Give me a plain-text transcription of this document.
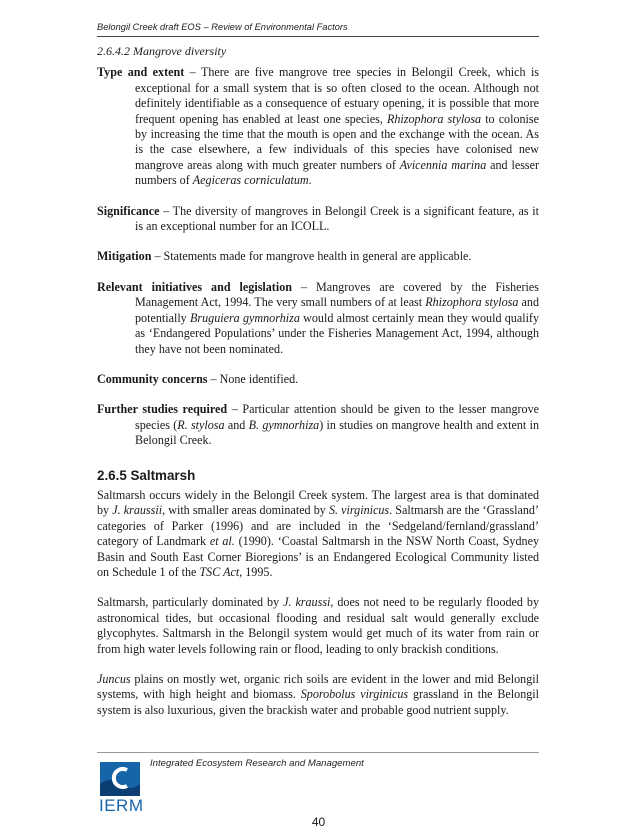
Belongil Creek draft EOS – Review of Environmental Factors
2.6.4.2 Mangrove diversity

Type and extent – There are five mangrove tree species in Belongil Creek, which is exceptional for a small system that is so often closed to the ocean. Although not definitely identifiable as a consequence of estuary opening, it is possible that more frequent opening has enabled at least one species, Rhizophora stylosa to colonise by increasing the time that the mouth is open and the exchange with the ocean. As is the case elsewhere, a few individuals of this species have colonised new mangrove areas along with much greater numbers of Avicennia marina and lesser numbers of Aegiceras corniculatum.

Significance – The diversity of mangroves in Belongil Creek is a significant feature, as it is an exceptional number for an ICOLL.

Mitigation – Statements made for mangrove health in general are applicable.

Relevant initiatives and legislation – Mangroves are covered by the Fisheries Management Act, 1994. The very small numbers of at least Rhizophora stylosa and potentially Bruguiera gymnorhiza would almost certainly mean they would qualify as ‘Endangered Populations’ under the Fisheries Management Act, 1994, although they have not been nominated.

Community concerns – None identified.

Further studies required – Particular attention should be given to the lesser mangrove species (R. stylosa and B. gymnorhiza) in studies on mangrove health and extent in Belongil Creek.

2.6.5 Saltmarsh

Saltmarsh occurs widely in the Belongil Creek system. The largest area is that dominated by J. kraussii, with smaller areas dominated by S. virginicus. Saltmarsh are the ‘Grassland’ categories of Parker (1996) and are included in the ‘Sedgeland/fernland/grassland’ category of Landmark et al. (1990). ‘Coastal Saltmarsh in the NSW North Coast, Sydney Basin and South East Corner Bioregions’ is an Endangered Ecological Community listed on Schedule 1 of the TSC Act, 1995.

Saltmarsh, particularly dominated by J. kraussi, does not need to be regularly flooded by astronomical tides, but occasional flooding and residual salt would generally exclude glycophytes. Saltmarsh in the Belongil system would get much of its water from rain or from high water levels following rain or flood, leading to only brackish conditions.

Juncus plains on mostly wet, organic rich soils are evident in the lower and mid Belongil systems, with high height and biomass. Sporobolus virginicus grassland in the Belongil system is also luxurious, given the brackish water and probable good nutrient supply.

IERM
Integrated Ecosystem Research and Management
40
